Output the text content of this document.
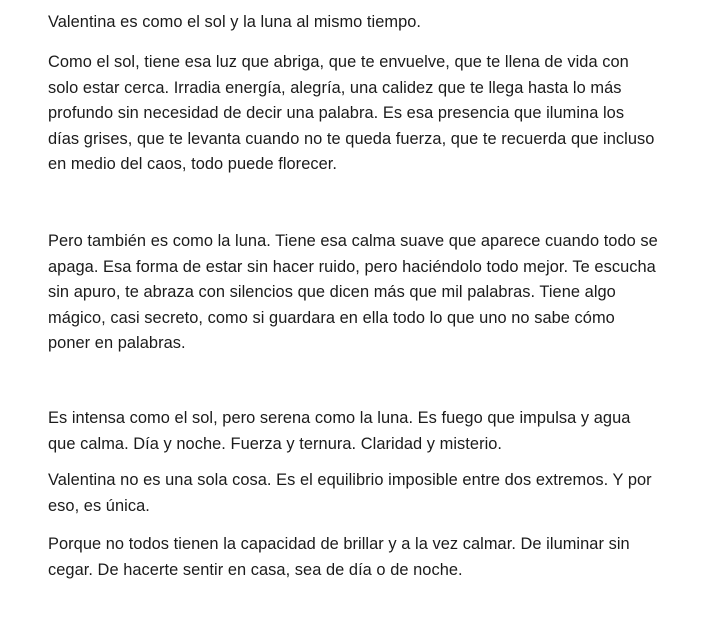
Valentina es como el sol y la luna al mismo tiempo.

Como el sol, tiene esa luz que abriga, que te envuelve, que te llena de vida con
solo estar cerca. Irradia energía, alegría, una calidez que te llega hasta lo más
profundo sin necesidad de decir una palabra. Es esa presencia que ilumina los
días grises, que te levanta cuando no te queda fuerza, que te recuerda que incluso
en medio del caos, todo puede florecer.

Pero también es como la luna. Tiene esa calma suave que aparece cuando todo se
apaga. Esa forma de estar sin hacer ruido, pero haciéndolo todo mejor. Te escucha
sin apuro, te abraza con silencios que dicen más que mil palabras. Tiene algo
mágico, casi secreto, como si guardara en ella todo lo que uno no sabe cómo
poner en palabras.

Es intensa como el sol, pero serena como la luna. Es fuego que impulsa y agua
que calma. Día y noche. Fuerza y ternura. Claridad y misterio.

Valentina no es una sola cosa. Es el equilibrio imposible entre dos extremos. Y por
eso, es única.

Porque no todos tienen la capacidad de brillar y a la vez calmar. De iluminar sin
cegar. De hacerte sentir en casa, sea de día o de noche.
